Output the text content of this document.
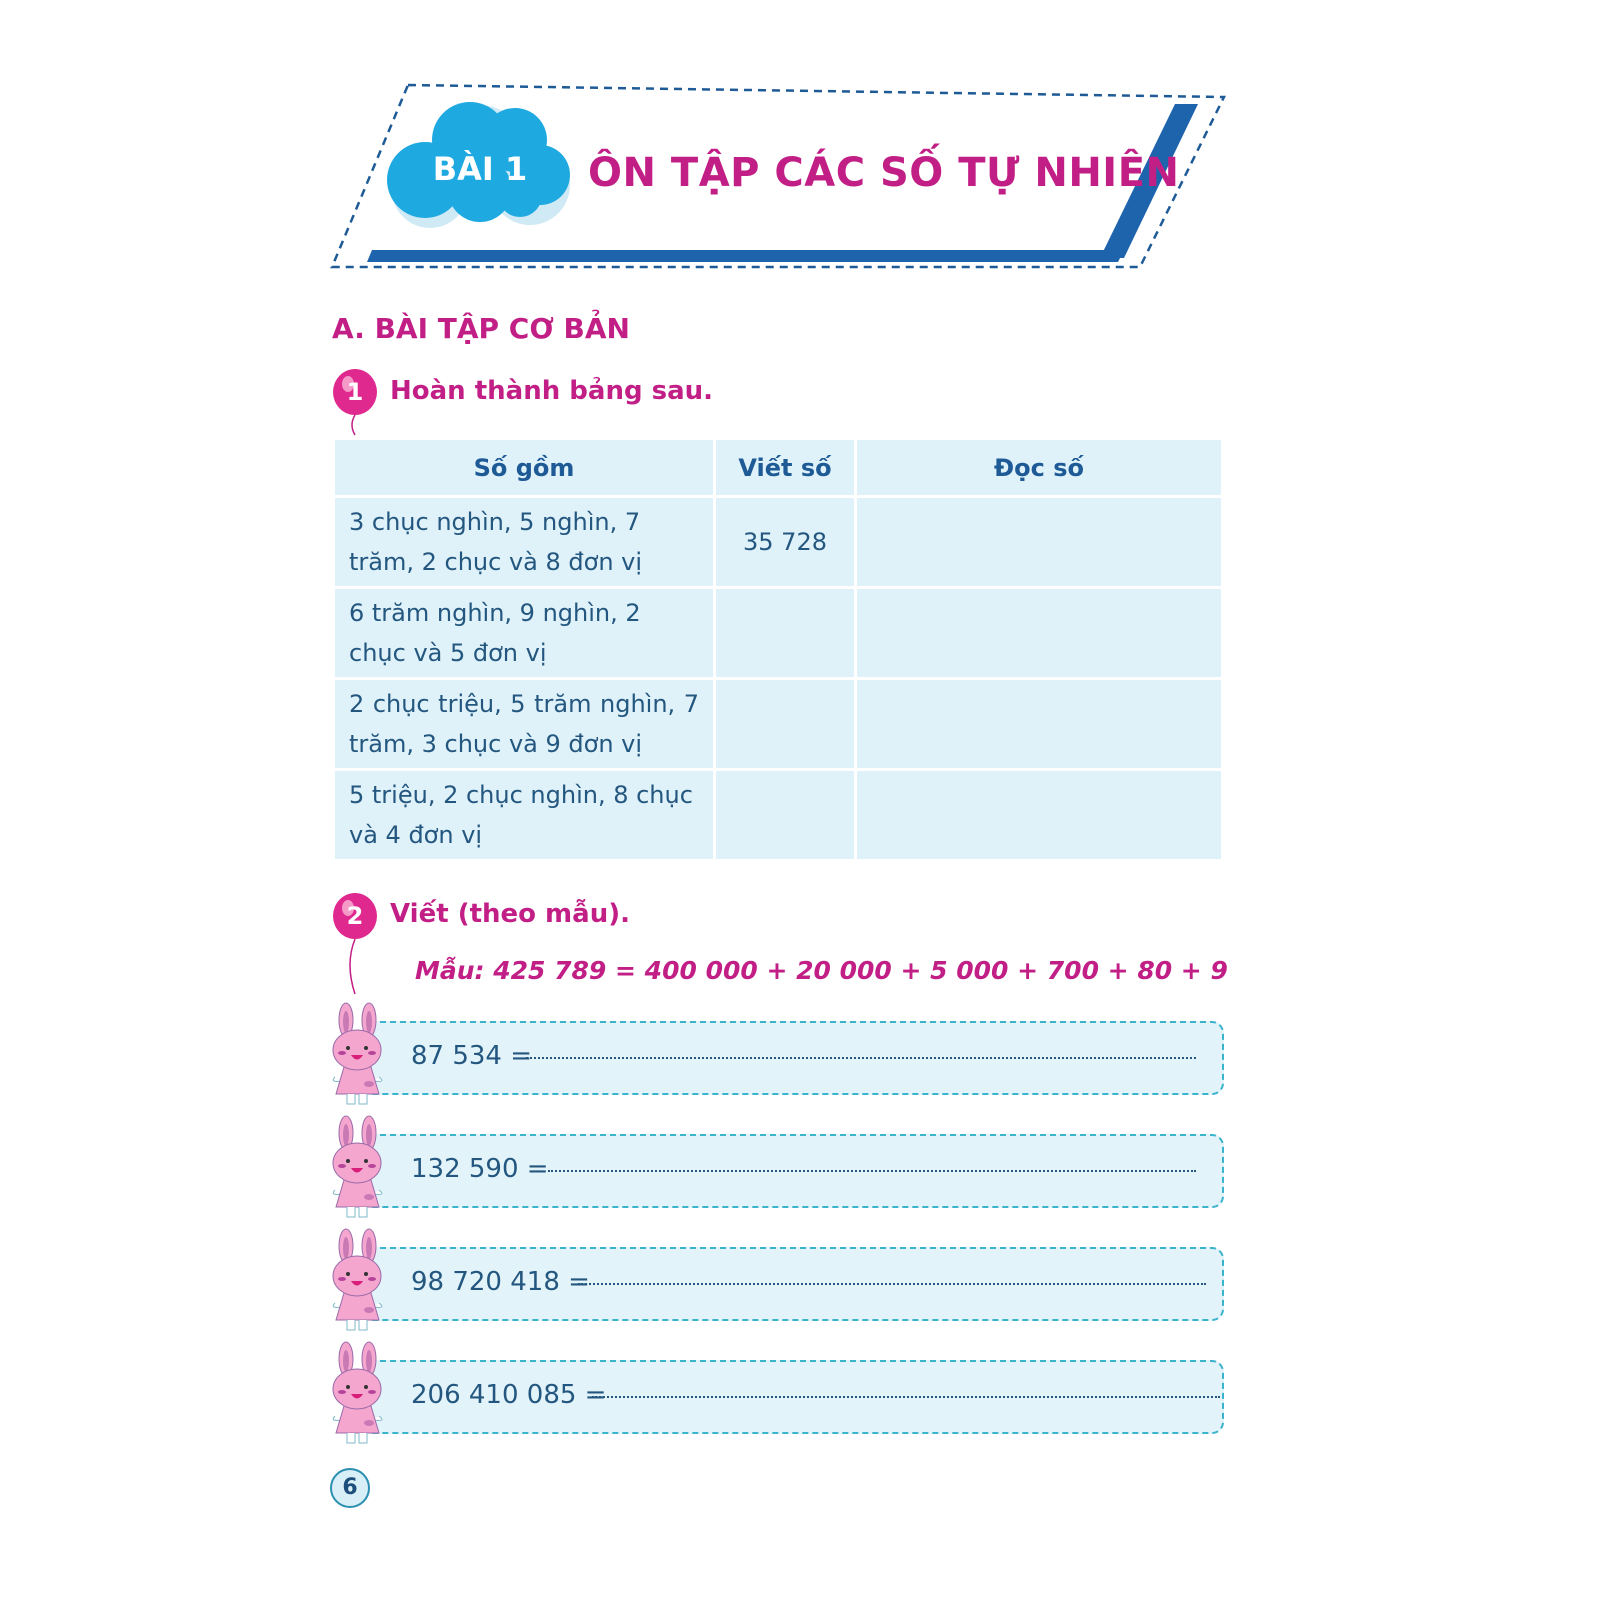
BÀI 1	ÔN TẬP CÁC SỐ TỰ NHIÊN
A. BÀI TẬP CƠ BẢN
1	Hoàn thành bảng sau.
Số gồm	Viết số	Đọc số
3 chục nghìn, 5 nghìn, 7 trăm, 2 chục và 8 đơn vị	35 728	
6 trăm nghìn, 9 nghìn, 2 chục và 5 đơn vị		
2 chục triệu, 5 trăm nghìn, 7 trăm, 3 chục và 9 đơn vị		
5 triệu, 2 chục nghìn, 8 chục và 4 đơn vị		
2	Viết (theo mẫu).
Mẫu: 425 789 = 400 000 + 20 000 + 5 000 + 700 + 80 + 9
87 534 =
132 590 =
98 720 418 =
206 410 085 =
6
